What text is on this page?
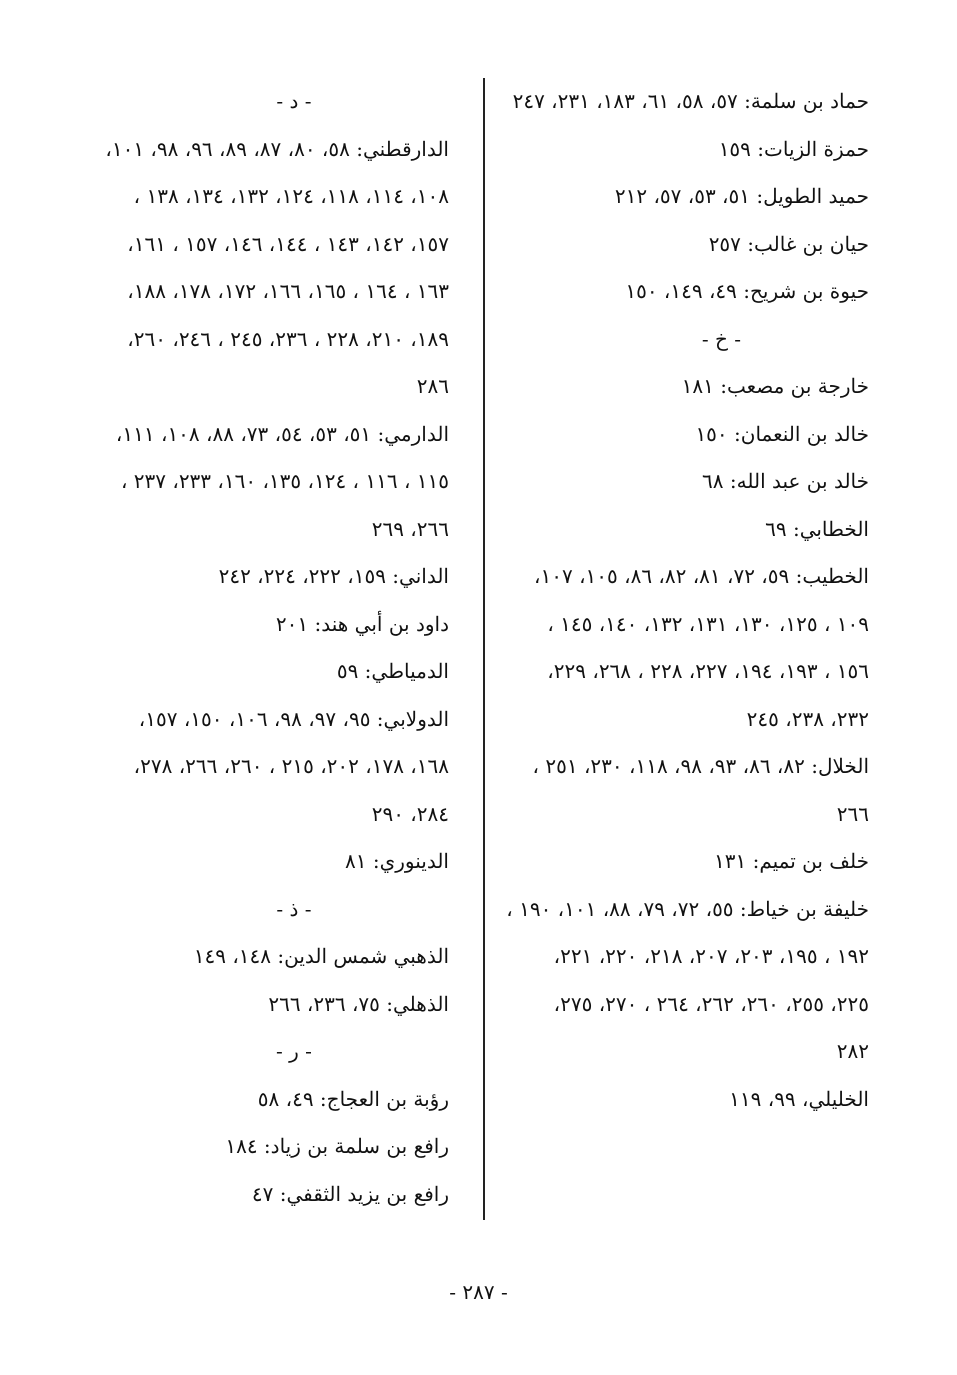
حماد بن سلمة: ٥٧، ٥٨، ٦١، ١٨٣، ٢٣١، ٢٤٧
حمزة الزيات: ١٥٩
حميد الطويل: ٥١، ٥٣، ٥٧، ٢١٢
حيان بن غالب: ٢٥٧
حيوة بن شريح: ٤٩، ١٤٩، ١٥٠
- خ -
خارجة بن مصعب: ١٨١
خالد بن النعمان: ١٥٠
خالد بن عبد الله: ٦٨
الخطابي: ٦٩
الخطيب: ٥٩، ٧٢، ٨١، ٨٢، ٨٦، ١٠٥، ١٠٧،
١٠٩ ، ١٢٥، ١٣٠، ١٣١، ١٣٢، ١٤٠، ١٤٥ ،
١٥٦ ، ١٩٣، ١٩٤، ٢٢٧، ٢٢٨ ، ٢٦٨، ٢٢٩،
٢٣٢، ٢٣٨، ٢٤٥
الخلال: ٨٢، ٨٦، ٩٣، ٩٨، ١١٨، ٢٣٠، ٢٥١ ،
٢٦٦
خلف بن تميم: ١٣١
خليفة بن خياط: ٥٥، ٧٢، ٧٩، ٨٨، ١٠١، ١٩٠ ،
١٩٢ ، ١٩٥، ٢٠٣، ٢٠٧، ٢١٨، ٢٢٠، ٢٢١،
٢٢٥، ٢٥٥، ٢٦٠، ٢٦٢، ٢٦٤ ، ٢٧٠، ٢٧٥،
٢٨٢
الخليلي، ٩٩، ١١٩
- د -
الدارقطني: ٥٨، ٨٠، ٨٧، ٨٩، ٩٦، ٩٨، ١٠١،
١٠٨، ١١٤، ١١٨، ١٢٤، ١٣٢، ١٣٤، ١٣٨ ،
١٥٧، ١٤٢، ١٤٣ ، ١٤٤، ١٤٦، ١٥٧ ، ١٦١،
١٦٣ ، ١٦٤ ، ١٦٥، ١٦٦، ١٧٢، ١٧٨، ١٨٨،
١٨٩، ٢١٠، ٢٢٨ ، ٢٣٦، ٢٤٥ ، ٢٤٦، ٢٦٠،
٢٨٦
الدارمي: ٥١، ٥٣، ٥٤، ٧٣، ٨٨، ١٠٨، ١١١،
١١٥ ، ١١٦ ، ١٢٤، ١٣٥، ١٦٠، ٢٣٣، ٢٣٧ ،
٢٦٦، ٢٦٩
الداني: ١٥٩، ٢٢٢، ٢٢٤، ٢٤٢
داود بن أبي هند: ٢٠١
الدمياطي: ٥٩
الدولابي: ٩٥، ٩٧، ٩٨، ١٠٦، ١٥٠، ١٥٧،
١٦٨، ١٧٨، ٢٠٢، ٢١٥ ، ٢٦٠، ٢٦٦، ٢٧٨،
٢٨٤، ٢٩٠
الدينوري: ٨١
- ذ -
الذهبي شمس الدين: ١٤٨، ١٤٩
الذهلي: ٧٥، ٢٣٦، ٢٦٦
- ر -
رؤبة بن العجاج: ٤٩، ٥٨
رافع بن سلمة بن زياد: ١٨٤
رافع بن يزيد الثقفي: ٤٧
- ٢٨٧ -
